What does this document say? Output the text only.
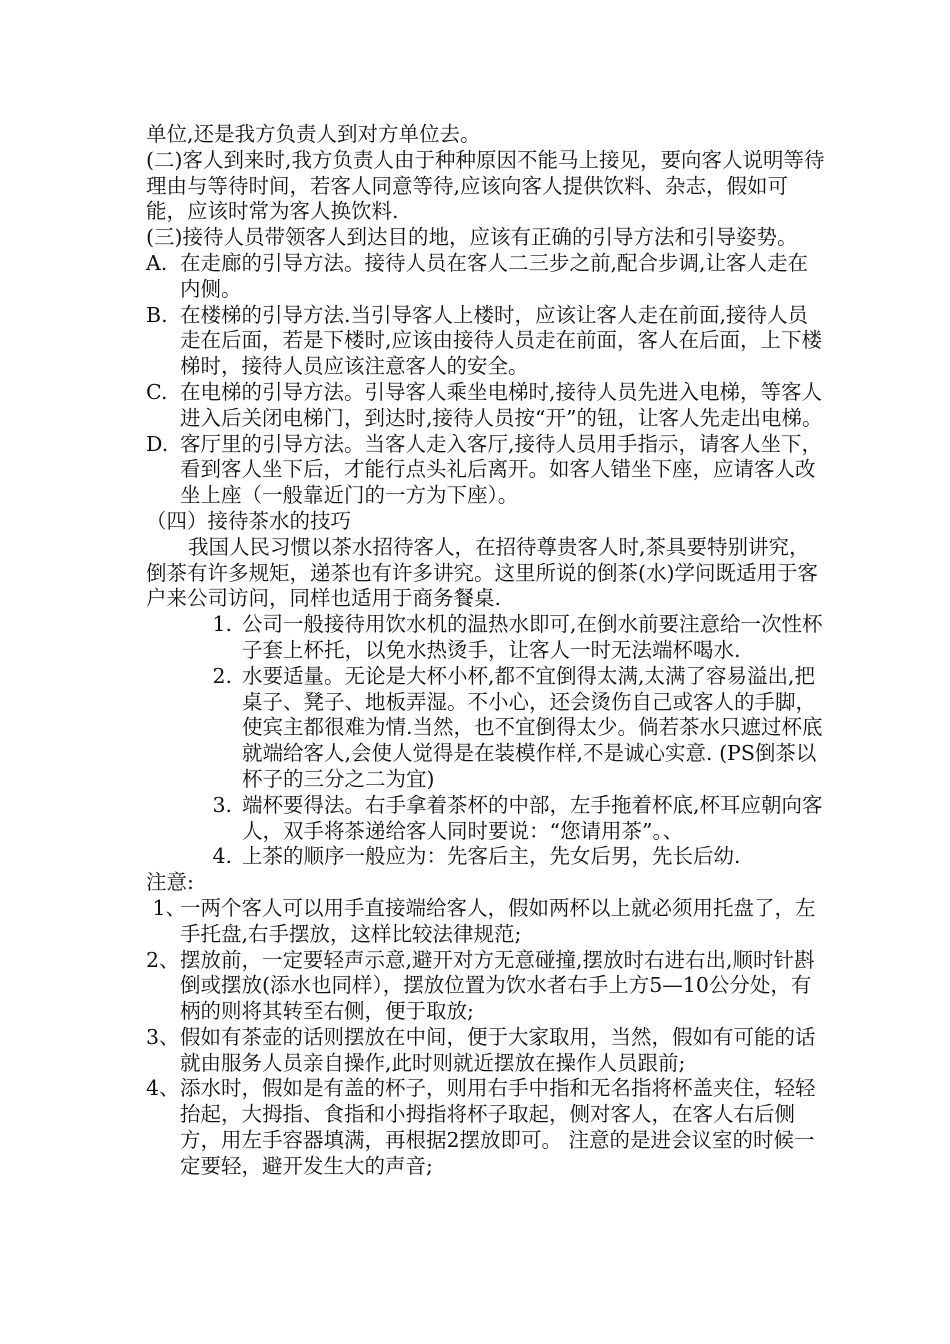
单位,还是我方负责人到对方单位去。
(二)客人到来时,我方负责人由于种种原因不能马上接见，要向客人说明等待理由与等待时间，若客人同意等待,应该向客人提供饮料、杂志，假如可能，应该时常为客人换饮料.
(三)接待人员带领客人到达目的地，应该有正确的引导方法和引导姿势。
A. 在走廊的引导方法。接待人员在客人二三步之前,配合步调,让客人走在内侧。
B. 在楼梯的引导方法.当引导客人上楼时，应该让客人走在前面,接待人员走在后面，若是下楼时,应该由接待人员走在前面，客人在后面，上下楼梯时，接待人员应该注意客人的安全。
C. 在电梯的引导方法。引导客人乘坐电梯时,接待人员先进入电梯，等客人进入后关闭电梯门，到达时,接待人员按“开”的钮，让客人先走出电梯。
D. 客厅里的引导方法。当客人走入客厅,接待人员用手指示，请客人坐下，看到客人坐下后，才能行点头礼后离开。如客人错坐下座，应请客人改坐上座（一般靠近门的一方为下座）。
（四）接待茶水的技巧
我国人民习惯以茶水招待客人，在招待尊贵客人时,茶具要特别讲究，倒茶有许多规矩，递茶也有许多讲究。这里所说的倒茶(水)学问既适用于客户来公司访问，同样也适用于商务餐桌.
1. 公司一般接待用饮水机的温热水即可,在倒水前要注意给一次性杯子套上杯托，以免水热烫手，让客人一时无法端杯喝水.
2. 水要适量。无论是大杯小杯,都不宜倒得太满,太满了容易溢出,把桌子、凳子、地板弄湿。不小心，还会烫伤自己或客人的手脚，使宾主都很难为情.当然，也不宜倒得太少。倘若茶水只遮过杯底就端给客人,会使人觉得是在装模作样,不是诚心实意. (PS倒茶以杯子的三分之二为宜)
3. 端杯要得法。右手拿着茶杯的中部，左手拖着杯底,杯耳应朝向客人，双手将茶递给客人同时要说：“您请用茶”。、
4. 上茶的顺序一般应为：先客后主，先女后男，先长后幼.
注意:
1、
一两个客人可以用手直接端给客人，假如两杯以上就必须用托盘了，左手托盘,右手摆放，这样比较法律规范;
2、 摆放前，一定要轻声示意,避开对方无意碰撞,摆放时右进右出,顺时针斟倒或摆放(添水也同样），摆放位置为饮水者右手上方5—10公分处，有柄的则将其转至右侧，便于取放;
3、 假如有茶壶的话则摆放在中间，便于大家取用，当然，假如有可能的话就由服务人员亲自操作,此时则就近摆放在操作人员跟前;
4、 添水时，假如是有盖的杯子，则用右手中指和无名指将杯盖夹住，轻轻抬起，大拇指、食指和小拇指将杯子取起，侧对客人，在客人右后侧方，用左手容器填满，再根据2摆放即可。 注意的是进会议室的时候一定要轻，避开发生大的声音;
